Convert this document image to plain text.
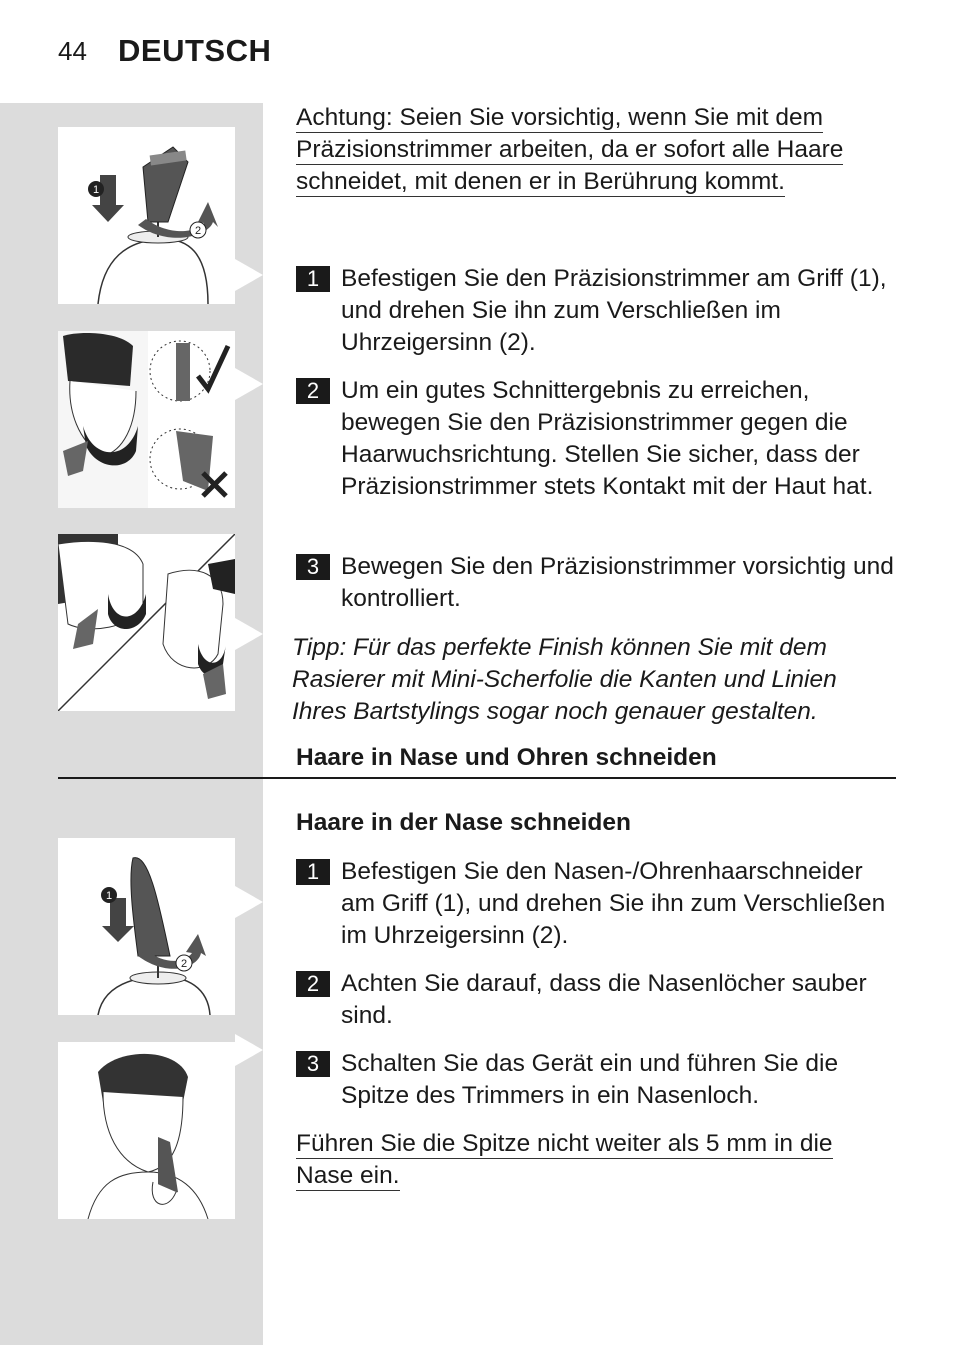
44 DEUTSCH
1
2
1
2
Achtung: Seien Sie vorsichtig, wenn Sie mit dem
Präzisionstrimmer arbeiten, da er sofort alle Haare
schneidet, mit denen er in Berührung kommt.
1 Befestigen Sie den Präzisionstrimmer am Griff (1), und drehen Sie ihn zum Verschließen im Uhrzeigersinn (2).
2 Um ein gutes Schnittergebnis zu erreichen, bewegen Sie den Präzisionstrimmer gegen die Haarwuchsrichtung. Stellen Sie sicher, dass der Präzisionstrimmer stets Kontakt mit der Haut hat.
3 Bewegen Sie den Präzisionstrimmer vorsichtig und kontrolliert.
Tipp: Für das perfekte Finish können Sie mit dem Rasierer mit Mini-Scherfolie die Kanten und Linien Ihres Bartstylings sogar noch genauer gestalten.
Haare in Nase und Ohren schneiden
Haare in der Nase schneiden
1 Befestigen Sie den Nasen-/Ohrenhaarschneider am Griff (1), und drehen Sie ihn zum Verschließen im Uhrzeigersinn (2).
2 Achten Sie darauf, dass die Nasenlöcher sauber sind.
3 Schalten Sie das Gerät ein und führen Sie die Spitze des Trimmers in ein Nasenloch.
Führen Sie die Spitze nicht weiter als 5 mm in die
Nase ein.
